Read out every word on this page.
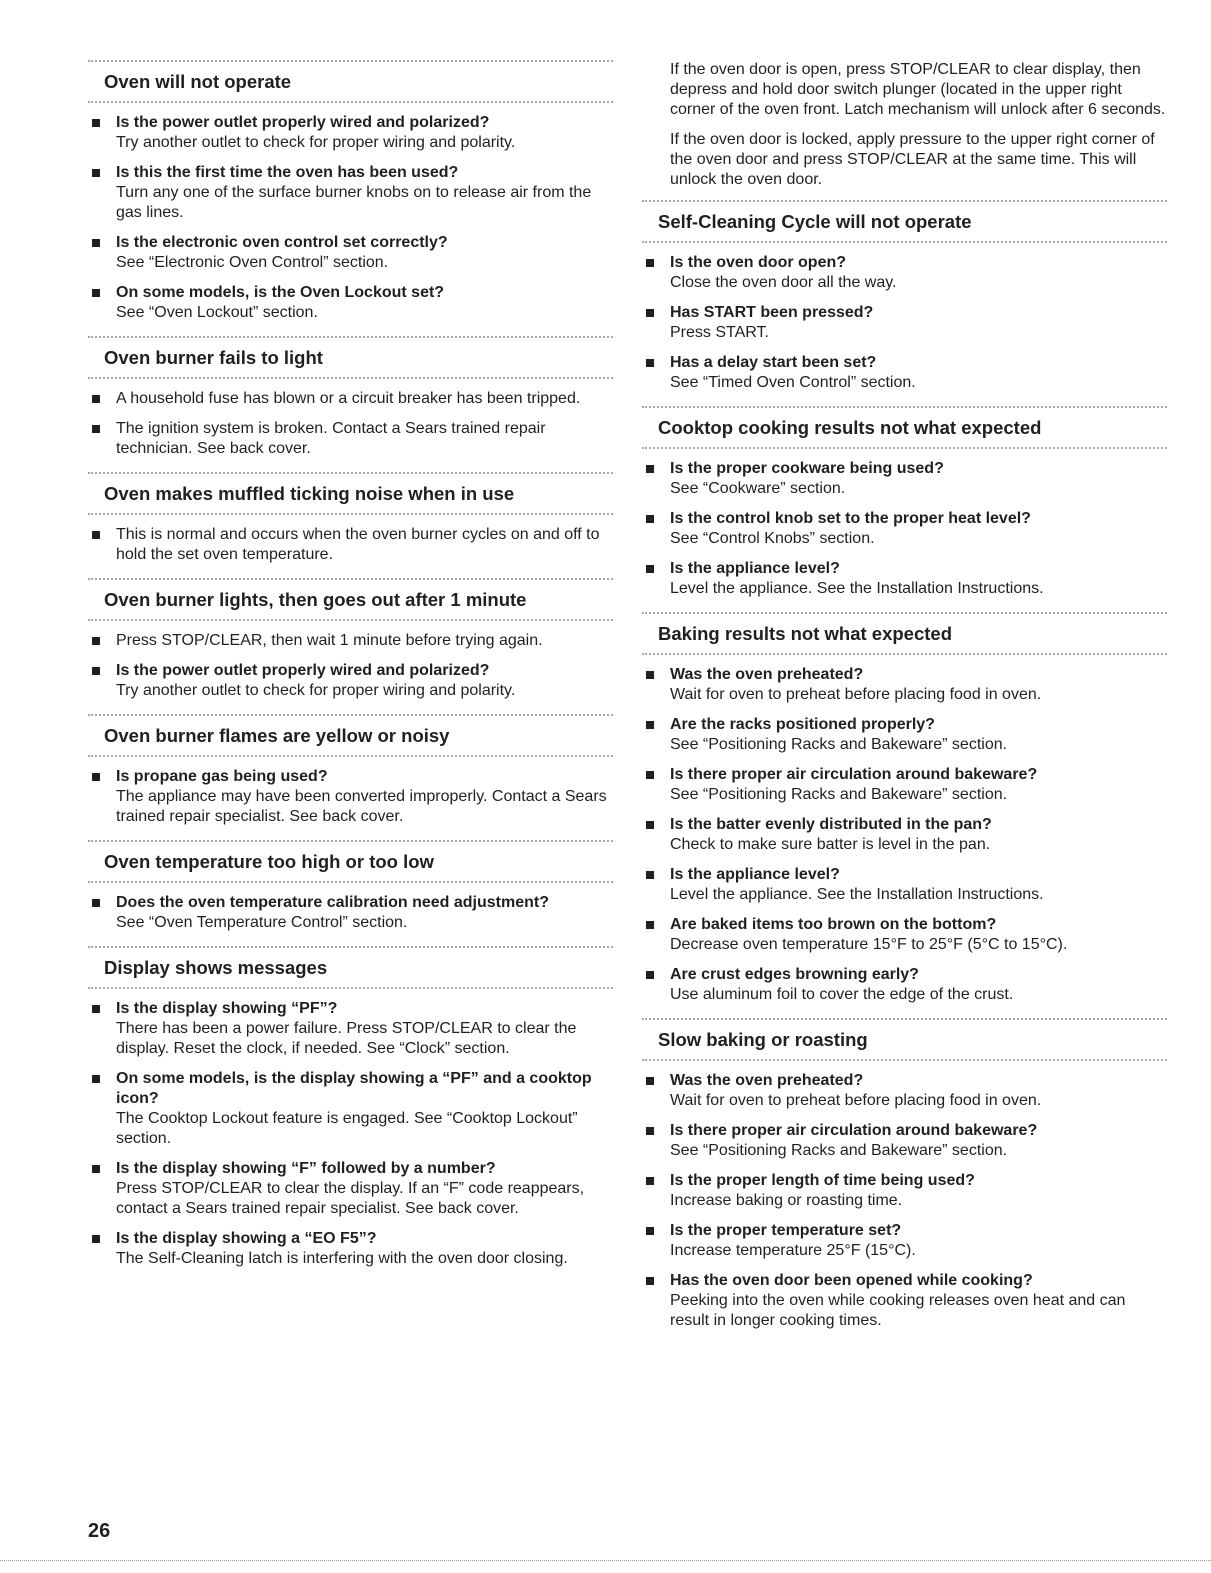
Oven will not operate
Is the power outlet properly wired and polarized?
Try another outlet to check for proper wiring and polarity.
Is this the first time the oven has been used?
Turn any one of the surface burner knobs on to release air from the gas lines.
Is the electronic oven control set correctly?
See “Electronic Oven Control” section.
On some models, is the Oven Lockout set?
See “Oven Lockout” section.
Oven burner fails to light
A household fuse has blown or a circuit breaker has been tripped.
The ignition system is broken. Contact a Sears trained repair technician. See back cover.
Oven makes muffled ticking noise when in use
This is normal and occurs when the oven burner cycles on and off to hold the set oven temperature.
Oven burner lights, then goes out after 1 minute
Press STOP/CLEAR, then wait 1 minute before trying again.
Is the power outlet properly wired and polarized?
Try another outlet to check for proper wiring and polarity.
Oven burner flames are yellow or noisy
Is propane gas being used?
The appliance may have been converted improperly. Contact a Sears trained repair specialist. See back cover.
Oven temperature too high or too low
Does the oven temperature calibration need adjustment?
See “Oven Temperature Control” section.
Display shows messages
Is the display showing “PF”?
There has been a power failure. Press STOP/CLEAR to clear the display. Reset the clock, if needed. See “Clock” section.
On some models, is the display showing a “PF” and a cooktop icon?
The Cooktop Lockout feature is engaged. See “Cooktop Lockout” section.
Is the display showing “F” followed by a number?
Press STOP/CLEAR to clear the display. If an “F” code reappears, contact a Sears trained repair specialist. See back cover.
Is the display showing a “EO F5”?
The Self-Cleaning latch is interfering with the oven door closing.
If the oven door is open, press STOP/CLEAR to clear display, then depress and hold door switch plunger (located in the upper right corner of the oven front. Latch mechanism will unlock after 6 seconds.
If the oven door is locked, apply pressure to the upper right corner of the oven door and press STOP/CLEAR at the same time. This will unlock the oven door.
Self-Cleaning Cycle will not operate
Is the oven door open?
Close the oven door all the way.
Has START been pressed?
Press START.
Has a delay start been set?
See “Timed Oven Control” section.
Cooktop cooking results not what expected
Is the proper cookware being used?
See “Cookware” section.
Is the control knob set to the proper heat level?
See “Control Knobs” section.
Is the appliance level?
Level the appliance. See the Installation Instructions.
Baking results not what expected
Was the oven preheated?
Wait for oven to preheat before placing food in oven.
Are the racks positioned properly?
See “Positioning Racks and Bakeware” section.
Is there proper air circulation around bakeware?
See “Positioning Racks and Bakeware” section.
Is the batter evenly distributed in the pan?
Check to make sure batter is level in the pan.
Is the appliance level?
Level the appliance. See the Installation Instructions.
Are baked items too brown on the bottom?
Decrease oven temperature 15°F to 25°F (5°C to 15°C).
Are crust edges browning early?
Use aluminum foil to cover the edge of the crust.
Slow baking or roasting
Was the oven preheated?
Wait for oven to preheat before placing food in oven.
Is there proper air circulation around bakeware?
See “Positioning Racks and Bakeware” section.
Is the proper length of time being used?
Increase baking or roasting time.
Is the proper temperature set?
Increase temperature 25°F (15°C).
Has the oven door been opened while cooking?
Peeking into the oven while cooking releases oven heat and can result in longer cooking times.
26
